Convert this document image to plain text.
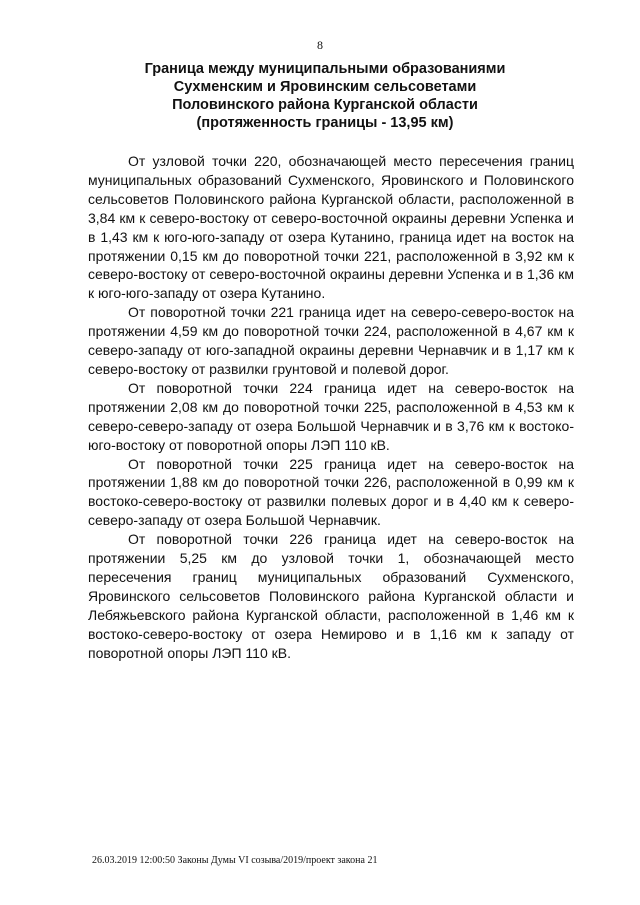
8
Граница между муниципальными образованиями
Сухменским и Яровинским сельсоветами
Половинского района Курганской области
(протяженность границы - 13,95 км)

От узловой точки 220, обозначающей место пересечения границ муниципальных образований Сухменского, Яровинского и Половинского сельсоветов Половинского района Курганской области, расположенной в 3,84 км к северо-востоку от северо-восточной окраины деревни Успенка и в 1,43 км к юго-юго-западу от озера Кутанино, граница идет на восток на протяжении 0,15 км до поворотной точки 221, расположенной в 3,92 км к северо-востоку от северо-восточной окраины деревни Успенка и в 1,36 км к юго-юго-западу от озера Кутанино.

От поворотной точки 221 граница идет на северо-северо-восток на протяжении 4,59 км до поворотной точки 224, расположенной в 4,67 км к северо-западу от юго-западной окраины деревни Чернавчик и в 1,17 км к северо-востоку от развилки грунтовой и полевой дорог.

От поворотной точки 224 граница идет на северо-восток на протяжении 2,08 км до поворотной точки 225, расположенной в 4,53 км к северо-северо-западу от озера Большой Чернавчик и в 3,76 км к востоко-юго-востоку от поворотной опоры ЛЭП 110 кВ.

От поворотной точки 225 граница идет на северо-восток на протяжении 1,88 км до поворотной точки 226, расположенной в 0,99 км к востоко-северо-востоку от развилки полевых дорог и в 4,40 км к северо-северо-западу от озера Большой Чернавчик.

От поворотной точки 226 граница идет на северо-восток на протяжении 5,25 км до узловой точки 1, обозначающей место пересечения границ муниципальных образований Сухменского, Яровинского сельсоветов Половинского района Курганской области и Лебяжьевского района Курганской области, расположенной в 1,46 км к востоко-северо-востоку от озера Немирово и в 1,16 км к западу от поворотной опоры ЛЭП 110 кВ.

26.03.2019 12:00:50 Законы Думы VI созыва/2019/проект закона 21
